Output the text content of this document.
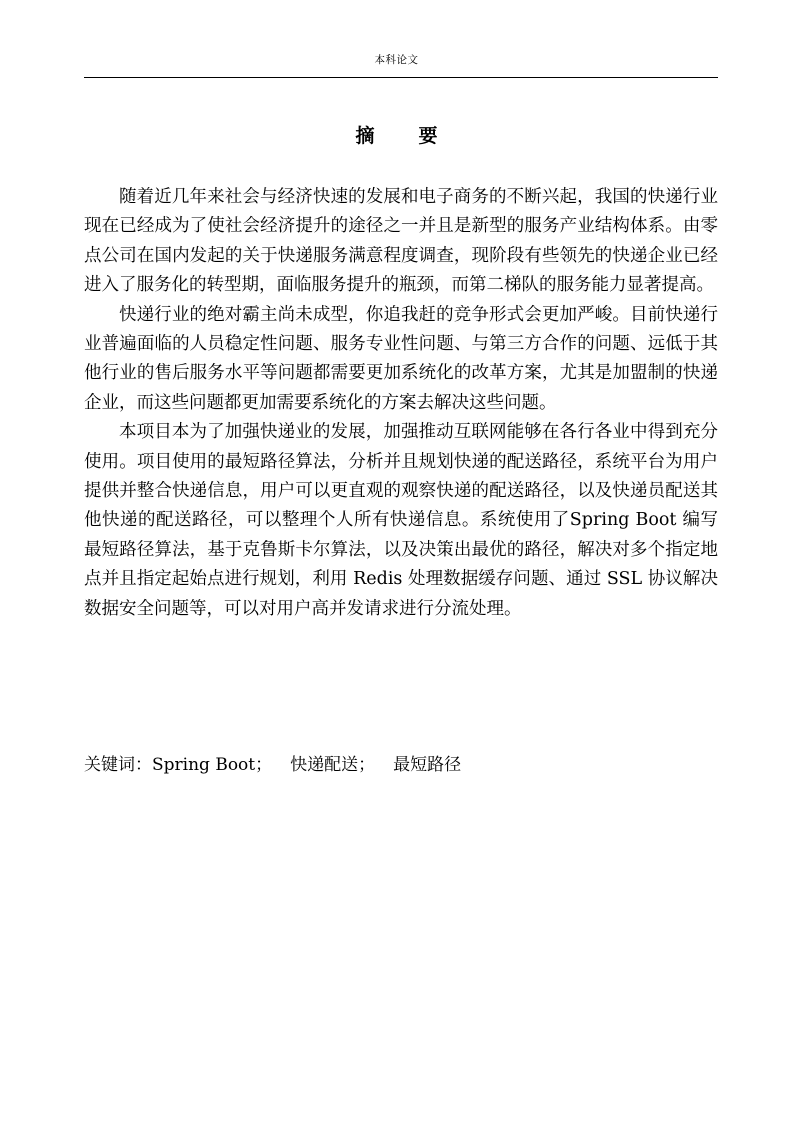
本科论文
摘 要

随着近几年来社会与经济快速的发展和电子商务的不断兴起，我国的快递行业现在已经成为了使社会经济提升的途径之一并且是新型的服务产业结构体系。由零点公司在国内发起的关于快递服务满意程度调查，现阶段有些领先的快递企业已经进入了服务化的转型期，面临服务提升的瓶颈，而第二梯队的服务能力显著提高。

快递行业的绝对霸主尚未成型，你追我赶的竞争形式会更加严峻。目前快递行业普遍面临的人员稳定性问题、服务专业性问题、与第三方合作的问题、远低于其他行业的售后服务水平等问题都需要更加系统化的改革方案，尤其是加盟制的快递企业，而这些问题都更加需要系统化的方案去解决这些问题。

本项目本为了加强快递业的发展，加强推动互联网能够在各行各业中得到充分使用。项目使用的最短路径算法，分析并且规划快递的配送路径，系统平台为用户提供并整合快递信息，用户可以更直观的观察快递的配送路径，以及快递员配送其他快递的配送路径，可以整理个人所有快递信息。系统使用了Spring Boot 编写最短路径算法，基于克鲁斯卡尔算法，以及决策出最优的路径，解决对多个指定地点并且指定起始点进行规划，利用 Redis 处理数据缓存问题、通过 SSL 协议解决数据安全问题等，可以对用户高并发请求进行分流处理。

关键词：Spring Boot； 快递配送； 最短路径
